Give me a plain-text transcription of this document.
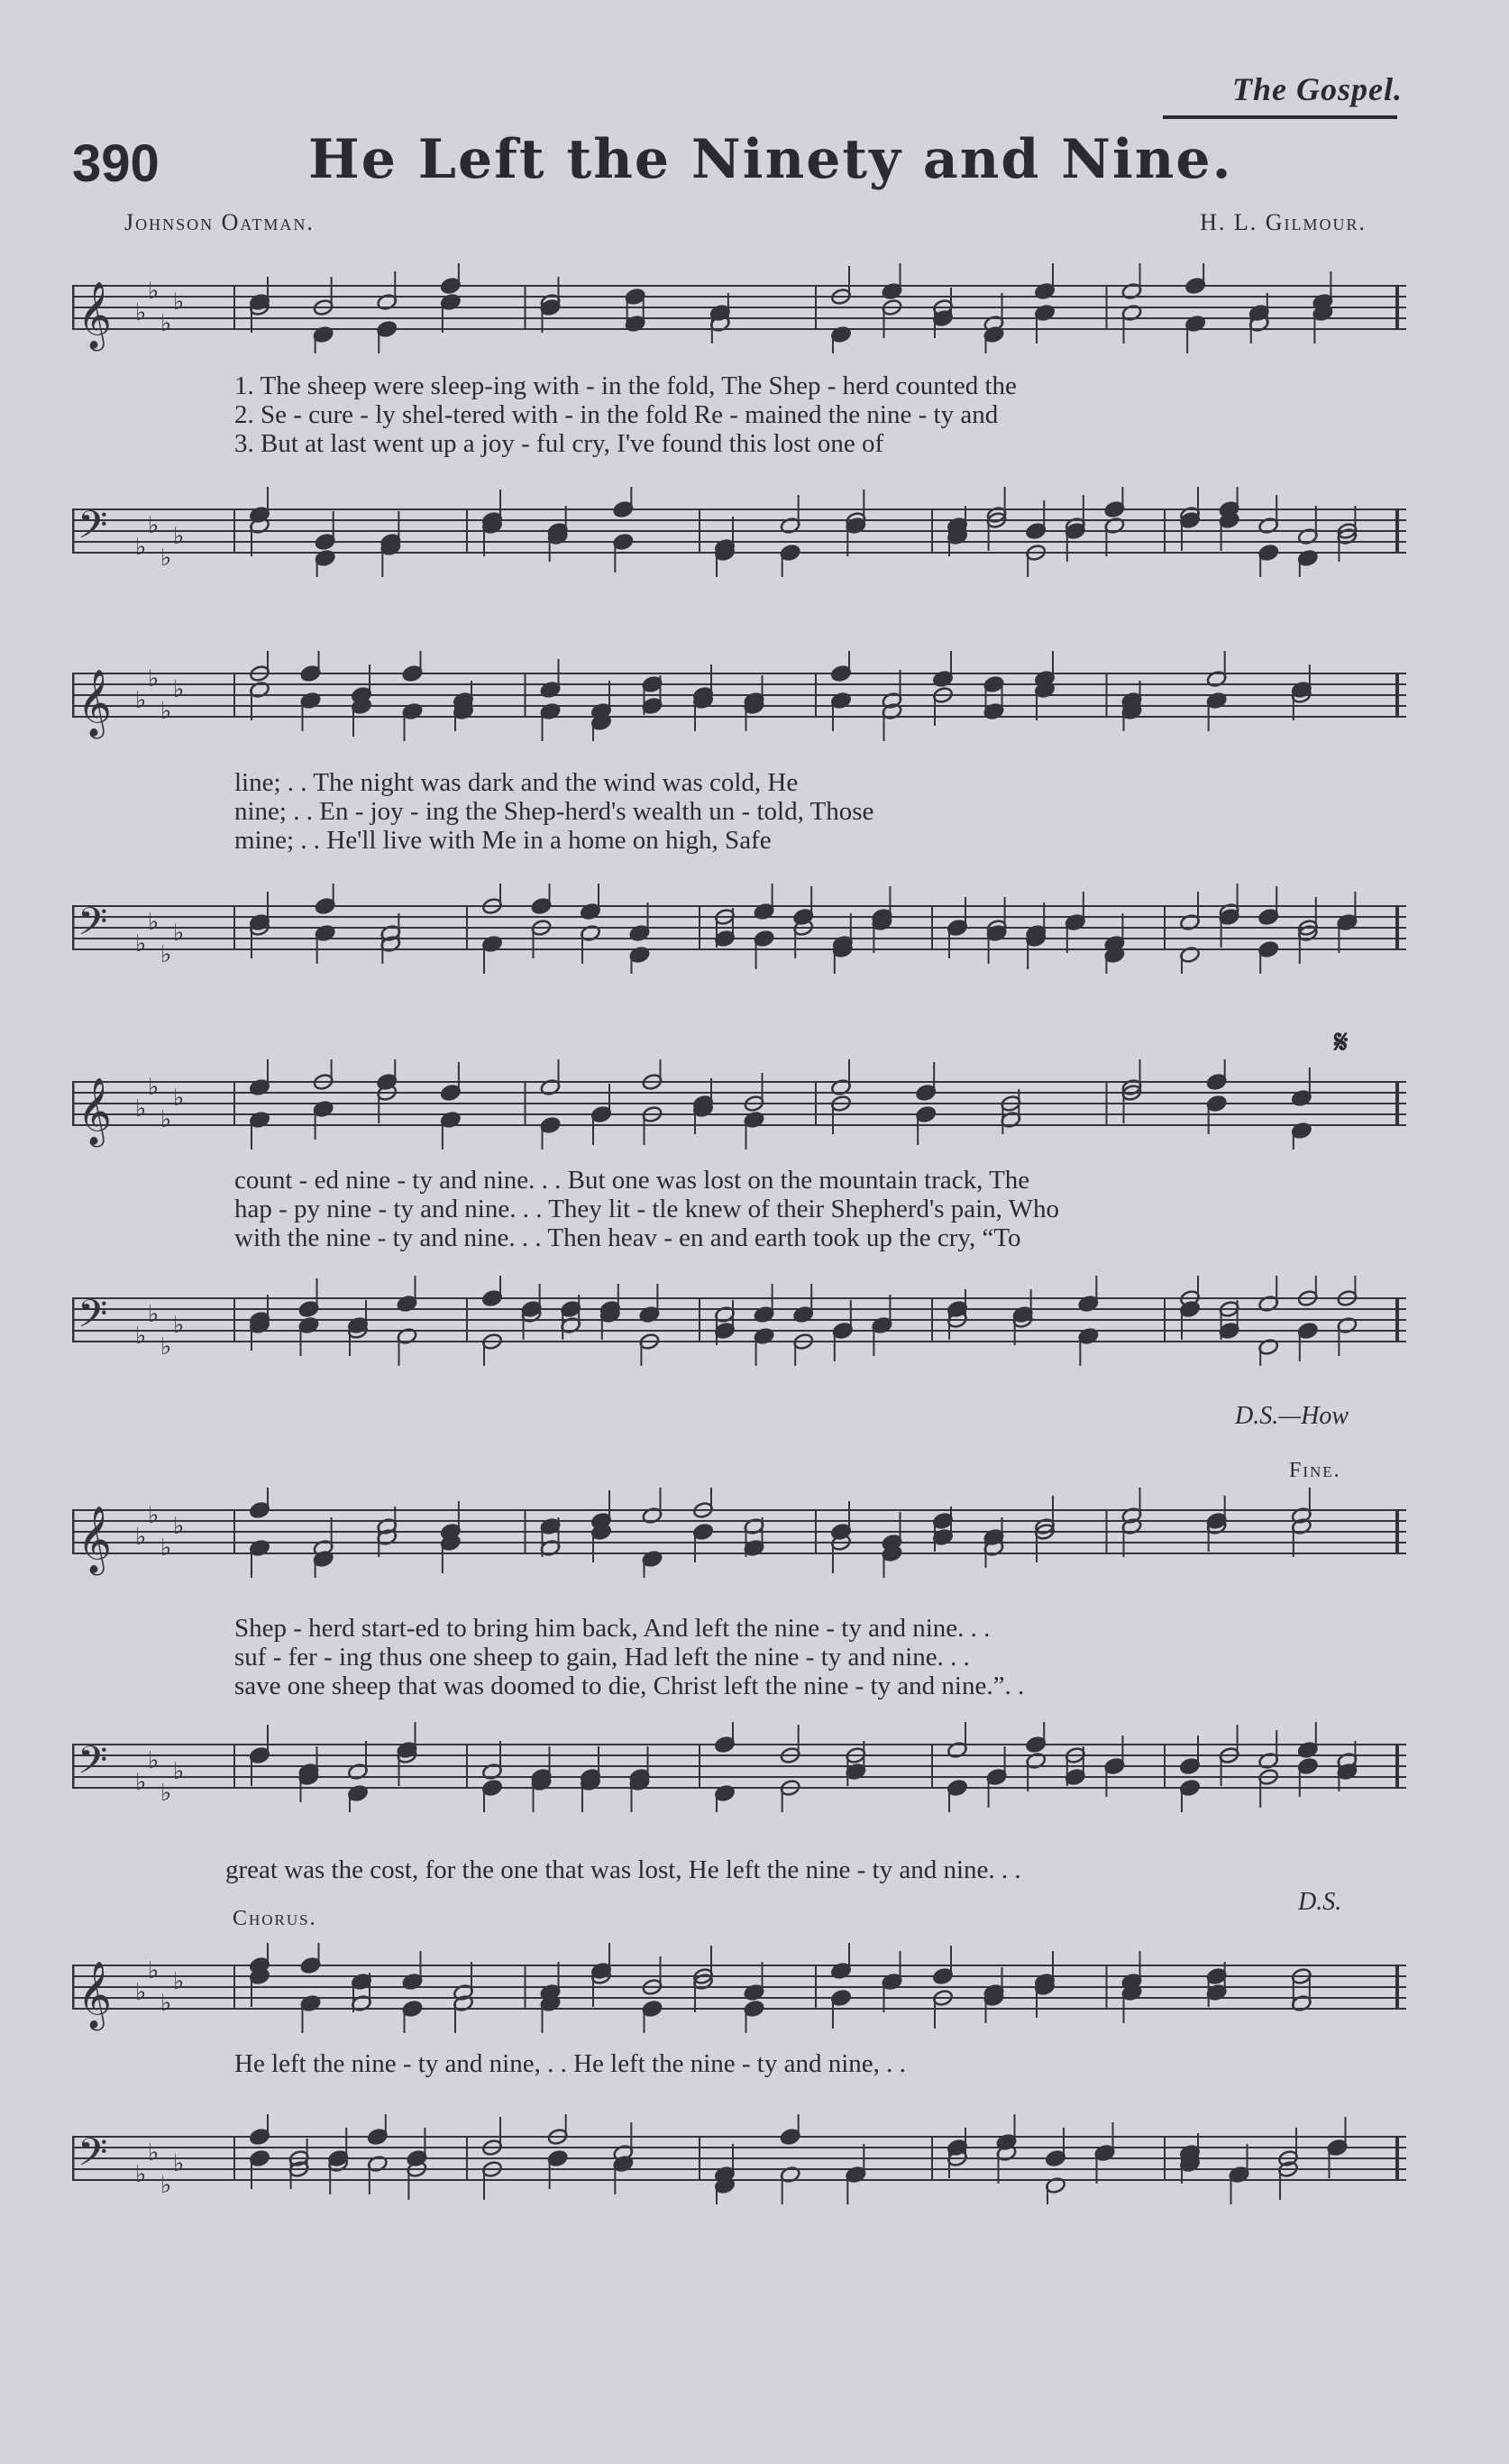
The Gospel.
390	He Left the Ninety and Nine.
Johnson Oatman.	H. L. Gilmour.
𝄞 ♭
♭
♭
♭
1. The sheep were sleep-ing with - in the fold, The Shep - herd counted the
2. Se - cure - ly shel-tered with - in the fold Re - mained the nine - ty and
3. But at last went up a joy - ful cry, I've found this lost one of
𝄢 ♭
♭
♭
♭
𝄞 ♭
♭
♭
♭
line; . . The night was dark and the wind was cold, He
nine; . . En - joy - ing the Shep-herd's wealth un - told, Those
mine; . . He'll live with Me in a home on high, Safe
𝄢 ♭
♭
♭
♭
𝄋
𝄞 ♭
♭
♭
♭
count - ed nine - ty and nine. . . But one was lost on the mountain track, The
hap - py nine - ty and nine. . . They lit - tle knew of their Shepherd's pain, Who
with the nine - ty and nine. . . Then heav - en and earth took up the cry, “To
𝄢 ♭
♭
♭
♭
D.S.—How
Fine.
𝄞 ♭
♭
♭
♭
Shep - herd start-ed to bring him back, And left the nine - ty and nine. . .
suf - fer - ing thus one sheep to gain, Had left the nine - ty and nine. . .
save one sheep that was doomed to die, Christ left the nine - ty and nine.”. .
𝄢 ♭
♭
♭
♭
great was the cost, for the one that was lost, He left the nine - ty and nine. . .
D.S.
Chorus.
𝄞 ♭
♭
♭
♭
He left the nine - ty and nine, . . He left the nine - ty and nine, . .
𝄢 ♭
♭
♭
♭
